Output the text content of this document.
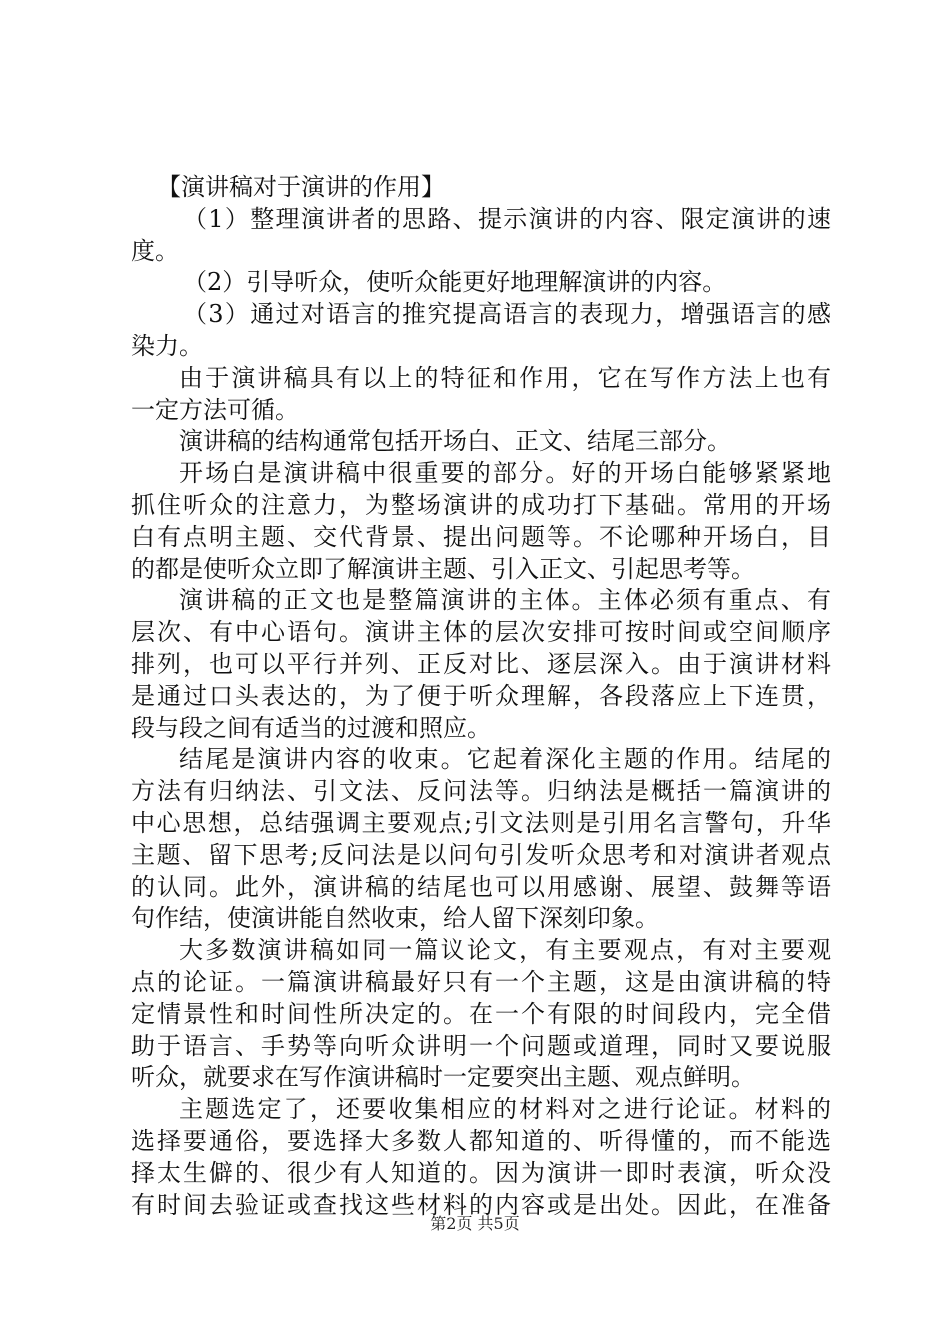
【演讲稿对于演讲的作用】
（1）整理演讲者的思路、提示演讲的内容、限定演讲的速
度。
（2）引导听众，使听众能更好地理解演讲的内容。
（3）通过对语言的推究提高语言的表现力，增强语言的感
染力。
由于演讲稿具有以上的特征和作用，它在写作方法上也有
一定方法可循。
演讲稿的结构通常包括开场白、正文、结尾三部分。
开场白是演讲稿中很重要的部分。好的开场白能够紧紧地
抓住听众的注意力，为整场演讲的成功打下基础。常用的开场
白有点明主题、交代背景、提出问题等。不论哪种开场白，目
的都是使听众立即了解演讲主题、引入正文、引起思考等。
演讲稿的正文也是整篇演讲的主体。主体必须有重点、有
层次、有中心语句。演讲主体的层次安排可按时间或空间顺序
排列，也可以平行并列、正反对比、逐层深入。由于演讲材料
是通过口头表达的，为了便于听众理解，各段落应上下连贯，
段与段之间有适当的过渡和照应。
结尾是演讲内容的收束。它起着深化主题的作用。结尾的
方法有归纳法、引文法、反问法等。归纳法是概括一篇演讲的
中心思想，总结强调主要观点;引文法则是引用名言警句，升华
主题、留下思考;反问法是以问句引发听众思考和对演讲者观点
的认同。此外，演讲稿的结尾也可以用感谢、展望、鼓舞等语
句作结，使演讲能自然收束，给人留下深刻印象。
大多数演讲稿如同一篇议论文，有主要观点，有对主要观
点的论证。一篇演讲稿最好只有一个主题，这是由演讲稿的特
定情景性和时间性所决定的。在一个有限的时间段内，完全借
助于语言、手势等向听众讲明一个问题或道理，同时又要说服
听众，就要求在写作演讲稿时一定要突出主题、观点鲜明。
主题选定了，还要收集相应的材料对之进行论证。材料的
选择要通俗，要选择大多数人都知道的、听得懂的，而不能选
择太生僻的、很少有人知道的。因为演讲一即时表演，听众没
有时间去验证或查找这些材料的内容或是出处。因此，在准备
第2页 共5页
